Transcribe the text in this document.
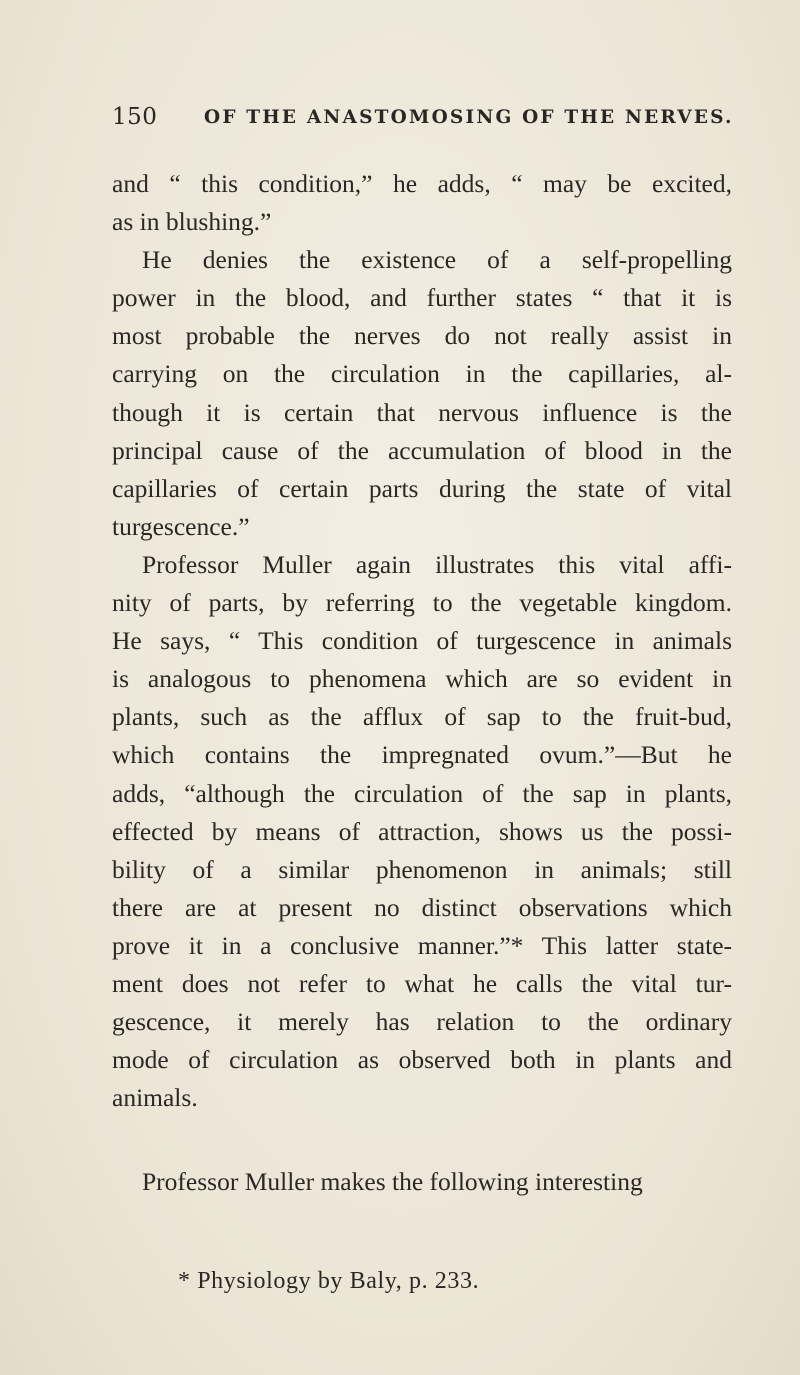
150	OF THE ANASTOMOSING OF THE NERVES.
and “ this condition,” he adds, “ may be excited,
as in blushing.”
He denies the existence of a self-propelling
power in the blood, and further states “ that it is
most probable the nerves do not really assist in
carrying on the circulation in the capillaries, al-
though it is certain that nervous influence is the
principal cause of the accumulation of blood in the
capillaries of certain parts during the state of vital
turgescence.”
Professor Muller again illustrates this vital affi-
nity of parts, by referring to the vegetable kingdom.
He says, “ This condition of turgescence in animals
is analogous to phenomena which are so evident in
plants, such as the afflux of sap to the fruit-bud,
which contains the impregnated ovum.”—But he
adds, “although the circulation of the sap in plants,
effected by means of attraction, shows us the possi-
bility of a similar phenomenon in animals; still
there are at present no distinct observations which
prove it in a conclusive manner.”* This latter state-
ment does not refer to what he calls the vital tur-
gescence, it merely has relation to the ordinary
mode of circulation as observed both in plants and
animals.
Professor Muller makes the following interesting
* Physiology by Baly, p. 233.
